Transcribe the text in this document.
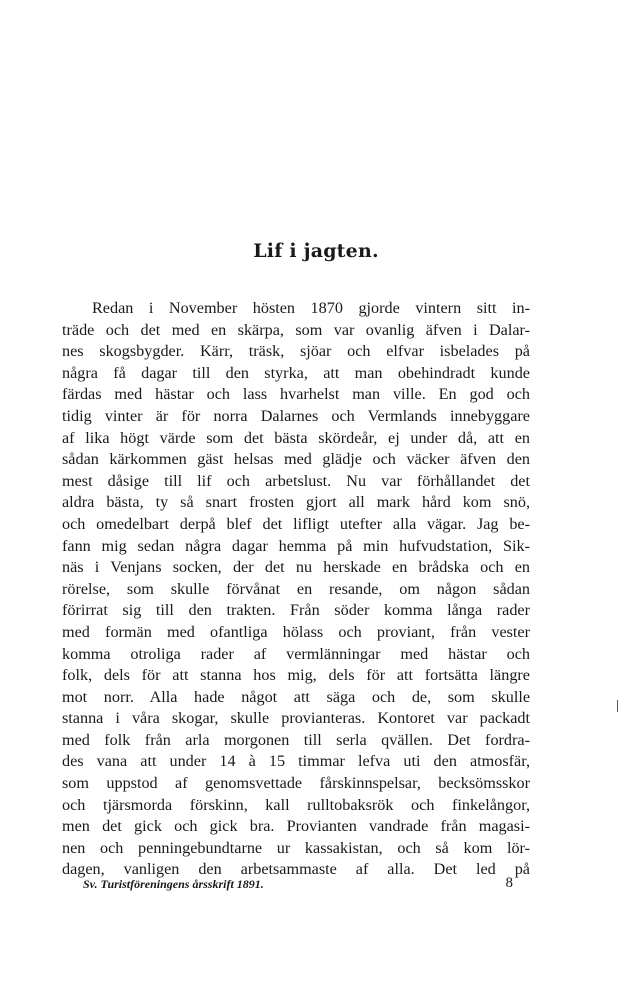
Lif i jagten.
Redan i November hösten 1870 gjorde vintern sitt in-
träde och det med en skärpa, som var ovanlig äfven i Dalar-
nes skogsbygder. Kärr, träsk, sjöar och elfvar isbelades på
några få dagar till den styrka, att man obehindradt kunde
färdas med hästar och lass hvarhelst man ville. En god och
tidig vinter är för norra Dalarnes och Vermlands innebyggare
af lika högt värde som det bästa skördeår, ej under då, att en
sådan kärkommen gäst helsas med glädje och väcker äfven den
mest dåsige till lif och arbetslust. Nu var förhållandet det
aldra bästa, ty så snart frosten gjort all mark hård kom snö,
och omedelbart derpå blef det lifligt utefter alla vägar. Jag be-
fann mig sedan några dagar hemma på min hufvudstation, Sik-
näs i Venjans socken, der det nu herskade en brådska och en
rörelse, som skulle förvånat en resande, om någon sådan
förirrat sig till den trakten. Från söder komma långa rader
med formän med ofantliga hölass och proviant, från vester
komma otroliga rader af vermlänningar med hästar och
folk, dels för att stanna hos mig, dels för att fortsätta längre
mot norr. Alla hade något att säga och de, som skulle
stanna i våra skogar, skulle provianteras. Kontoret var packadt
med folk från arla morgonen till serla qvällen. Det fordra-
des vana att under 14 à 15 timmar lefva uti den atmosfär,
som uppstod af genomsvettade fårskinnspelsar, becksömsskor
och tjärsmorda förskinn, kall rulltobaksrök och finkelångor,
men det gick och gick bra. Provianten vandrade från magasi-
nen och penningebundtarne ur kassakistan, och så kom lör-
dagen, vanligen den arbetsammaste af alla. Det led på
Sv. Turistföreningens årsskrift 1891.	8
